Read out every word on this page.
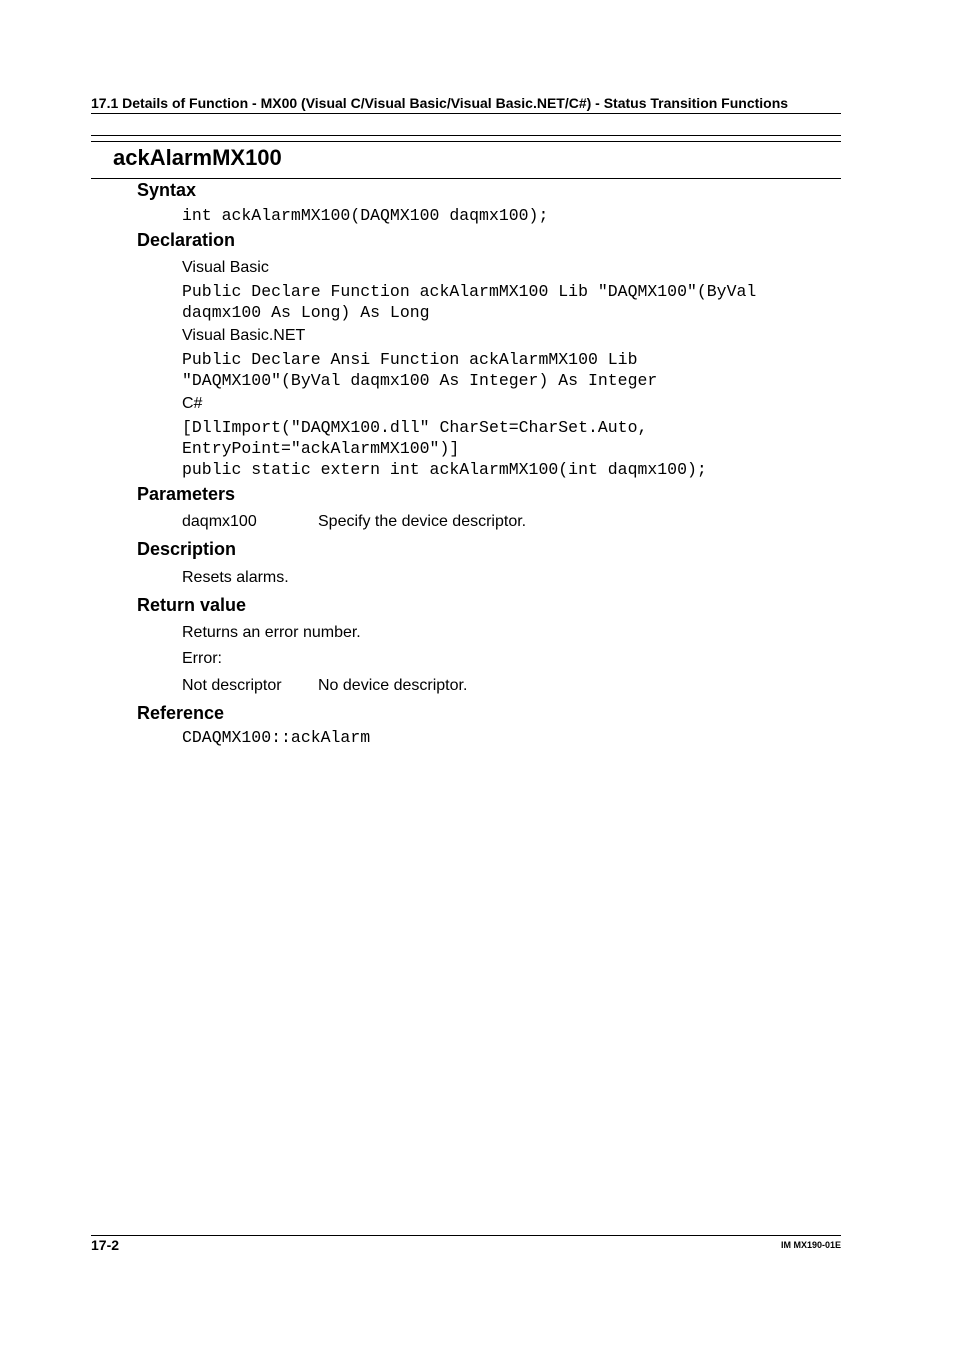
17.1 Details of Function - MX00 (Visual C/Visual Basic/Visual Basic.NET/C#) - Status Transition Functions
ackAlarmMX100
Syntax
int ackAlarmMX100(DAQMX100 daqmx100);
Declaration
Visual Basic
Public Declare Function ackAlarmMX100 Lib "DAQMX100"(ByVal
daqmx100 As Long) As Long
Visual Basic.NET
Public Declare Ansi Function ackAlarmMX100 Lib
"DAQMX100"(ByVal daqmx100 As Integer) As Integer
C#
[DllImport("DAQMX100.dll" CharSet=CharSet.Auto,
EntryPoint="ackAlarmMX100")]
public static extern int ackAlarmMX100(int daqmx100);
Parameters
daqmx100	Specify the device descriptor.
Description
Resets alarms.
Return value
Returns an error number.
Error:
Not descriptor No device descriptor.
Reference
CDAQMX100::ackAlarm
17-2	IM MX190-01E
